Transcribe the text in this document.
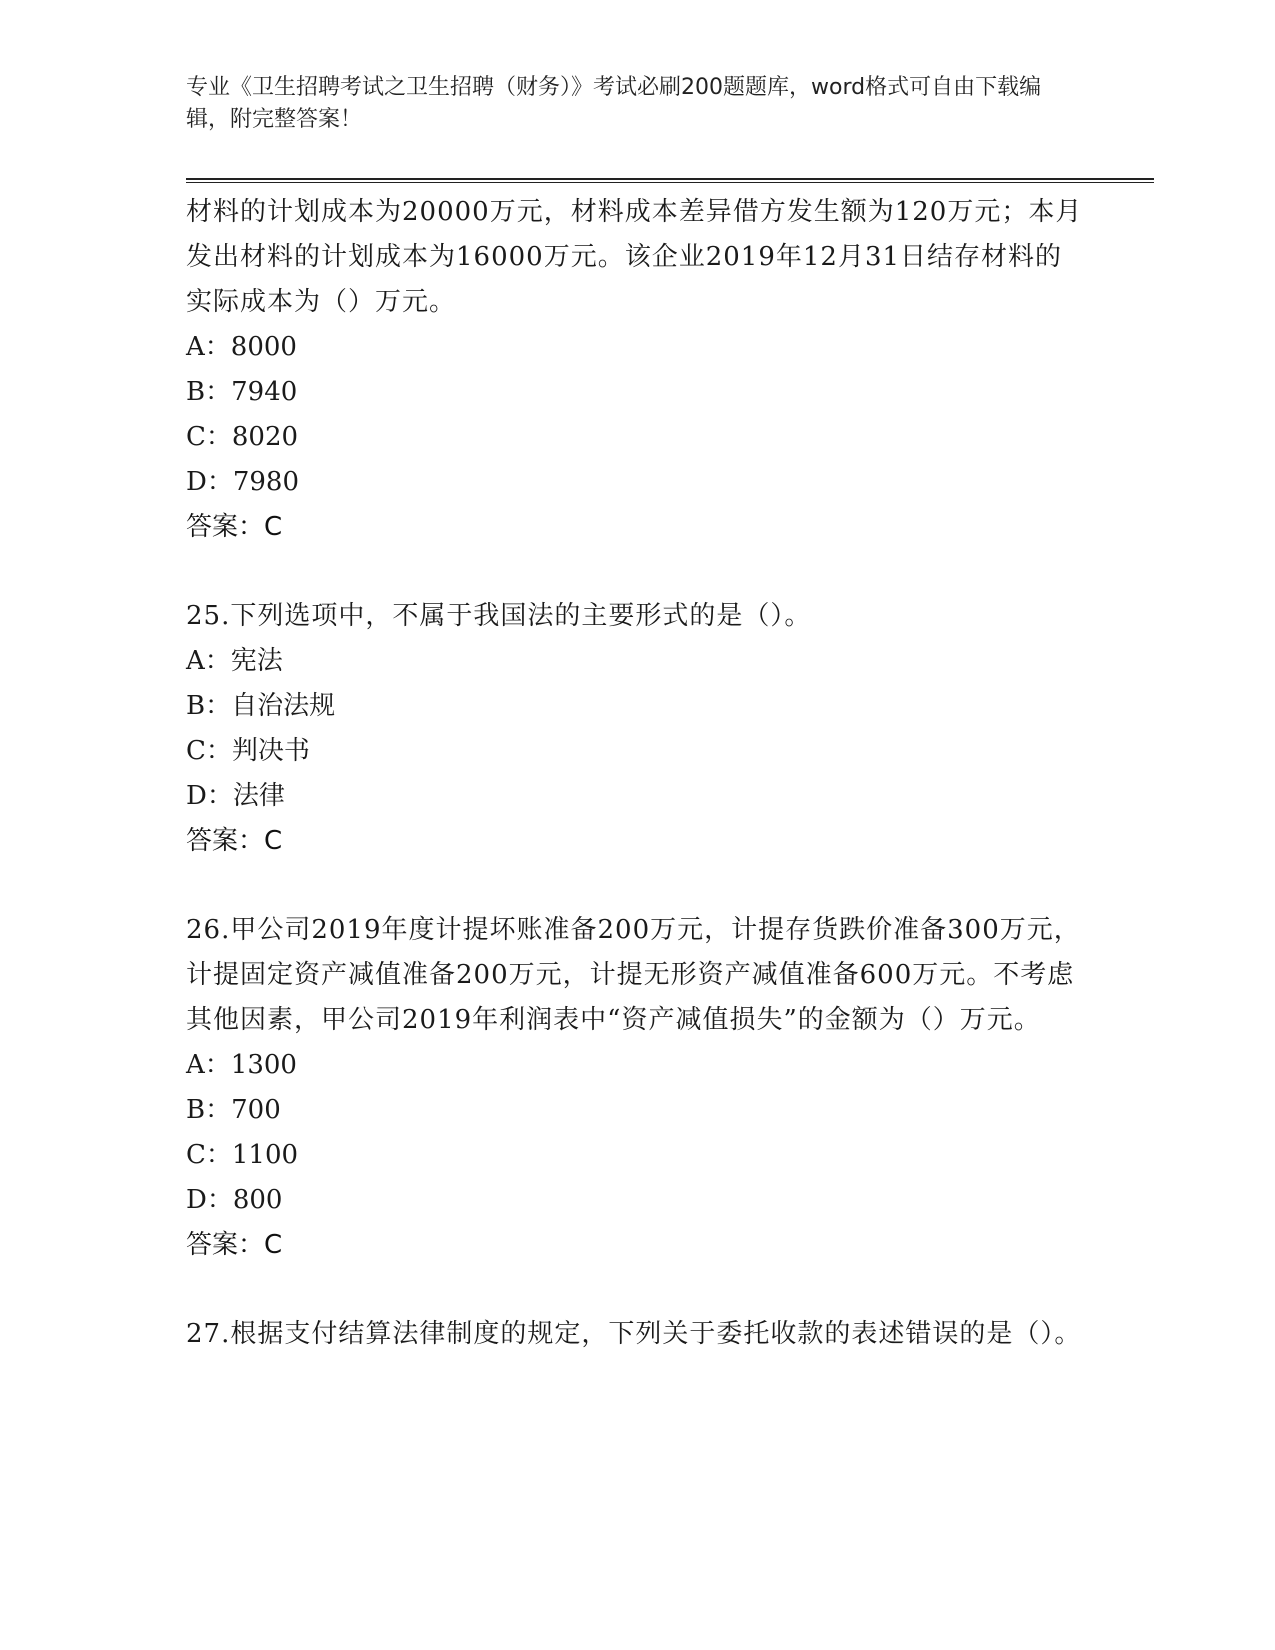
专业《卫生招聘考试之卫生招聘（财务）》考试必刷200题题库，word格式可自由下载编辑，附完整答案！
材料的计划成本为20000万元，材料成本差异借方发生额为120万元；本月发出材料的计划成本为16000万元。该企业2019年12月31日结存材料的实际成本为（）万元。
A：8000
B：7940
C：8020
D：7980
答案：C
25.下列选项中，不属于我国法的主要形式的是（）。
A：宪法
B：自治法规
C：判决书
D：法律
答案：C
26.甲公司2019年度计提坏账准备200万元，计提存货跌价准备300万元，计提固定资产减值准备200万元，计提无形资产减值准备600万元。不考虑其他因素，甲公司2019年利润表中“资产减值损失”的金额为（）万元。
A：1300
B：700
C：1100
D：800
答案：C
27.根据支付结算法律制度的规定，下列关于委托收款的表述错误的是（）。
